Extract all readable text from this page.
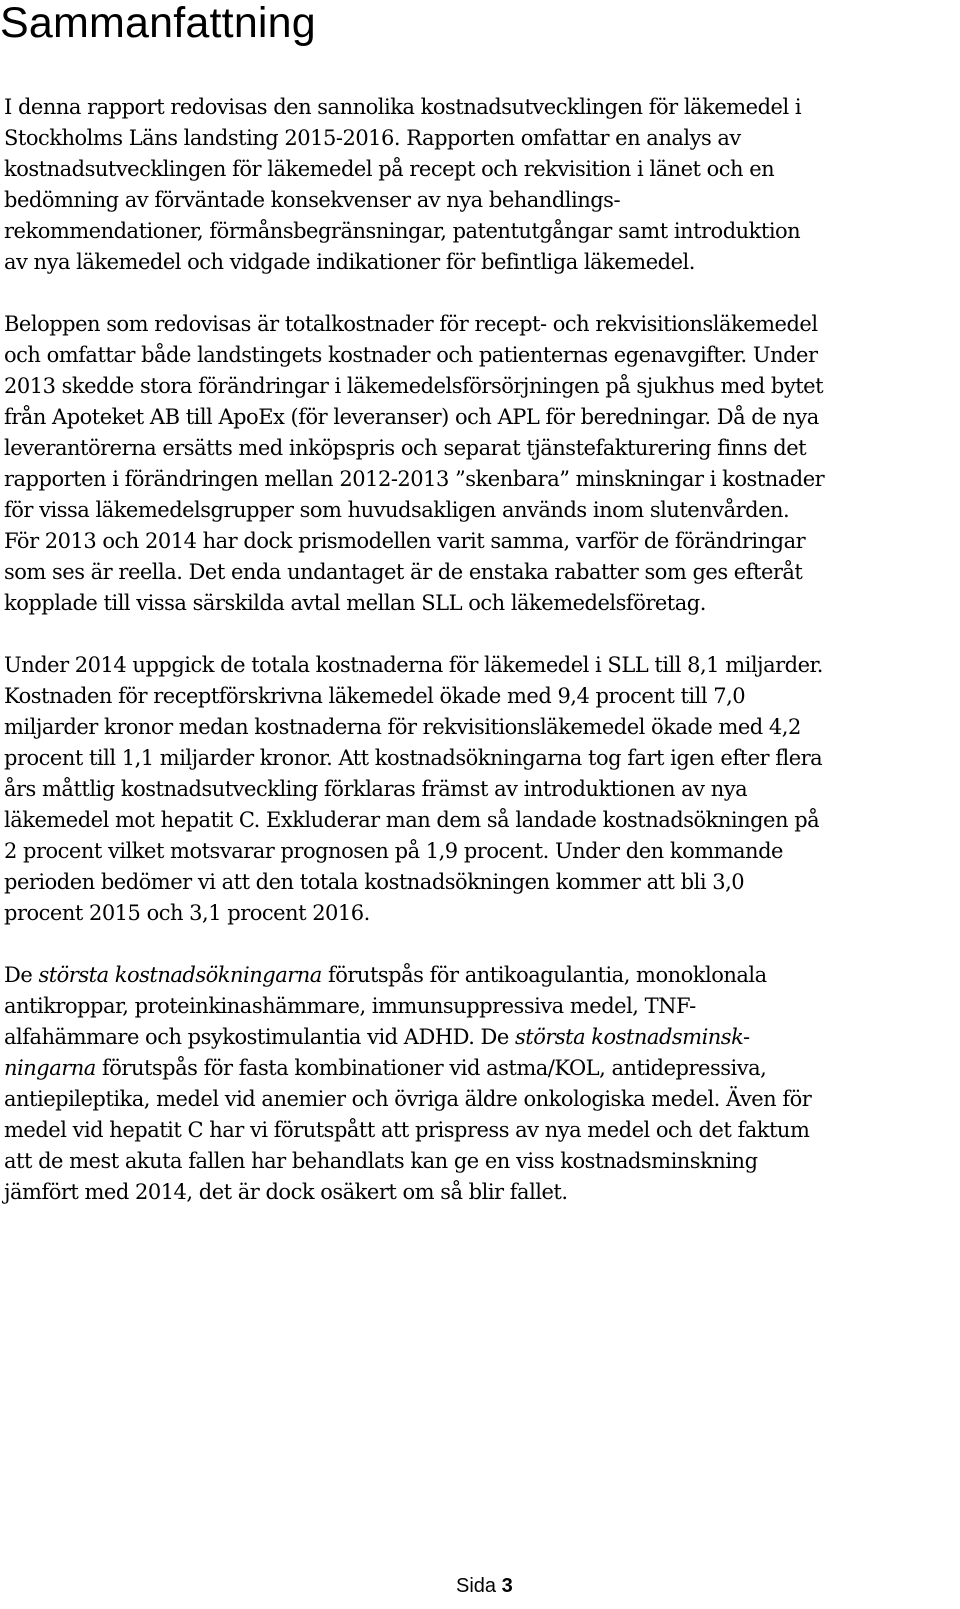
Sammanfattning

I denna rapport redovisas den sannolika kostnadsutvecklingen för läkemedel i
Stockholms Läns landsting 2015-2016. Rapporten omfattar en analys av
kostnadsutvecklingen för läkemedel på recept och rekvisition i länet och en
bedömning av förväntade konsekvenser av nya behandlings-
rekommendationer, förmånsbegränsningar, patentutgångar samt introduktion
av nya läkemedel och vidgade indikationer för befintliga läkemedel.

Beloppen som redovisas är totalkostnader för recept- och rekvisitionsläkemedel
och omfattar både landstingets kostnader och patienternas egenavgifter. Under
2013 skedde stora förändringar i läkemedelsförsörjningen på sjukhus med bytet
från Apoteket AB till ApoEx (för leveranser) och APL för beredningar. Då de nya
leverantörerna ersätts med inköpspris och separat tjänstefakturering finns det
rapporten i förändringen mellan 2012-2013 ”skenbara” minskningar i kostnader
för vissa läkemedelsgrupper som huvudsakligen används inom slutenvården.
För 2013 och 2014 har dock prismodellen varit samma, varför de förändringar
som ses är reella. Det enda undantaget är de enstaka rabatter som ges efteråt
kopplade till vissa särskilda avtal mellan SLL och läkemedelsföretag.

Under 2014 uppgick de totala kostnaderna för läkemedel i SLL till 8,1 miljarder.
Kostnaden för receptförskrivna läkemedel ökade med 9,4 procent till 7,0
miljarder kronor medan kostnaderna för rekvisitionsläkemedel ökade med 4,2
procent till 1,1 miljarder kronor. Att kostnadsökningarna tog fart igen efter flera
års måttlig kostnadsutveckling förklaras främst av introduktionen av nya
läkemedel mot hepatit C. Exkluderar man dem så landade kostnadsökningen på
2 procent vilket motsvarar prognosen på 1,9 procent. Under den kommande
perioden bedömer vi att den totala kostnadsökningen kommer att bli 3,0
procent 2015 och 3,1 procent 2016.

De största kostnadsökningarna förutspås för antikoagulantia, monoklonala
antikroppar, proteinkinashämmare, immunsuppressiva medel, TNF-
alfahämmare och psykostimulantia vid ADHD. De största kostnadsminsk-
ningarna förutspås för fasta kombinationer vid astma/KOL, antidepressiva,
antiepileptika, medel vid anemier och övriga äldre onkologiska medel. Även för
medel vid hepatit C har vi förutspått att prispress av nya medel och det faktum
att de mest akuta fallen har behandlats kan ge en viss kostnadsminskning
jämfört med 2014, det är dock osäkert om så blir fallet.

Sida 3
